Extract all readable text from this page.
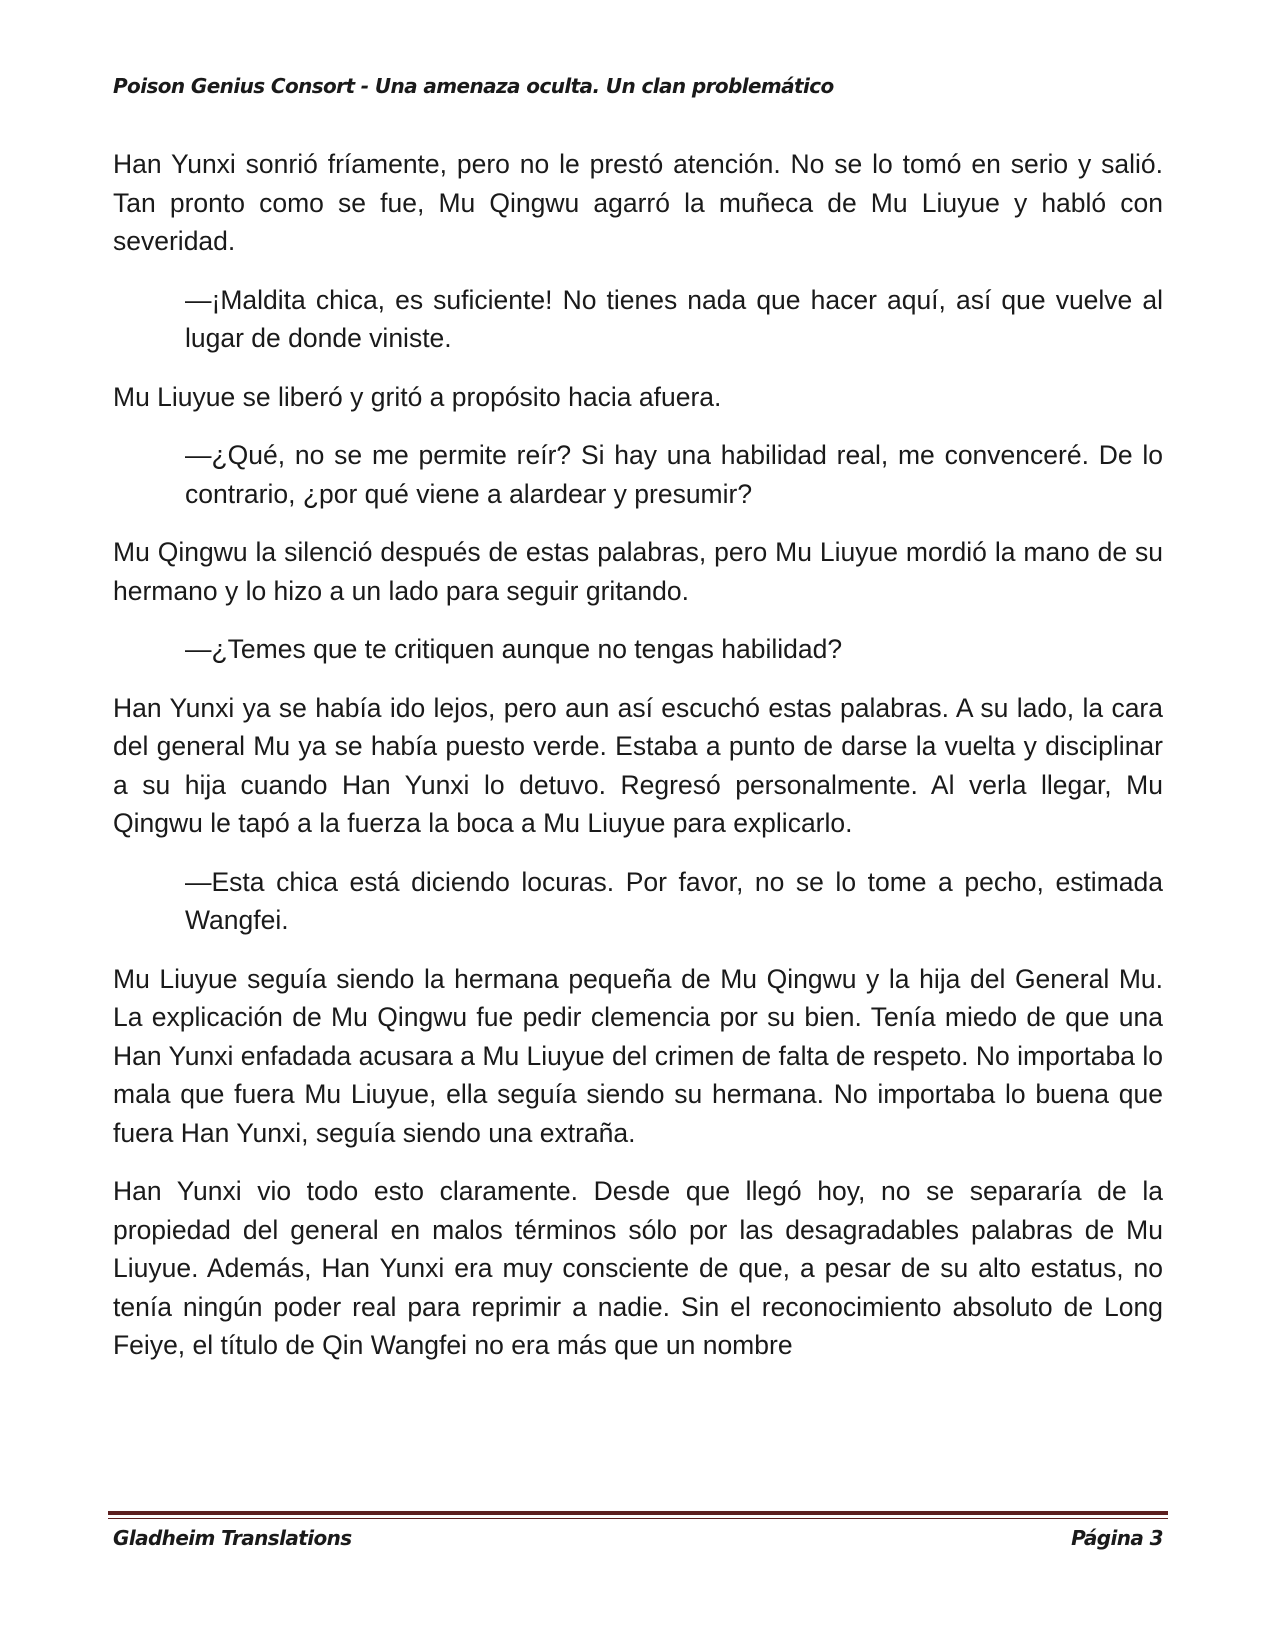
Poison Genius Consort - Una amenaza oculta. Un clan problemático

Han Yunxi sonrió fríamente, pero no le prestó atención. No se lo tomó en serio y salió. Tan pronto como se fue, Mu Qingwu agarró la muñeca de Mu Liuyue y habló con severidad.

—¡Maldita chica, es suficiente! No tienes nada que hacer aquí, así que vuelve al lugar de donde viniste.

Mu Liuyue se liberó y gritó a propósito hacia afuera.

—¿Qué, no se me permite reír? Si hay una habilidad real, me convenceré. De lo contrario, ¿por qué viene a alardear y presumir?

Mu Qingwu la silenció después de estas palabras, pero Mu Liuyue mordió la mano de su hermano y lo hizo a un lado para seguir gritando.

—¿Temes que te critiquen aunque no tengas habilidad?

Han Yunxi ya se había ido lejos, pero aun así escuchó estas palabras. A su lado, la cara del general Mu ya se había puesto verde. Estaba a punto de darse la vuelta y disciplinar a su hija cuando Han Yunxi lo detuvo. Regresó personalmente. Al verla llegar, Mu Qingwu le tapó a la fuerza la boca a Mu Liuyue para explicarlo.

—Esta chica está diciendo locuras. Por favor, no se lo tome a pecho, estimada Wangfei.

Mu Liuyue seguía siendo la hermana pequeña de Mu Qingwu y la hija del General Mu. La explicación de Mu Qingwu fue pedir clemencia por su bien. Tenía miedo de que una Han Yunxi enfadada acusara a Mu Liuyue del crimen de falta de respeto. No importaba lo mala que fuera Mu Liuyue, ella seguía siendo su hermana. No importaba lo buena que fuera Han Yunxi, seguía siendo una extraña.

Han Yunxi vio todo esto claramente. Desde que llegó hoy, no se separaría de la propiedad del general en malos términos sólo por las desagradables palabras de Mu Liuyue. Además, Han Yunxi era muy consciente de que, a pesar de su alto estatus, no tenía ningún poder real para reprimir a nadie. Sin el reconocimiento absoluto de Long Feiye, el título de Qin Wangfei no era más que un nombre

Gladheim Translations	Página 3
